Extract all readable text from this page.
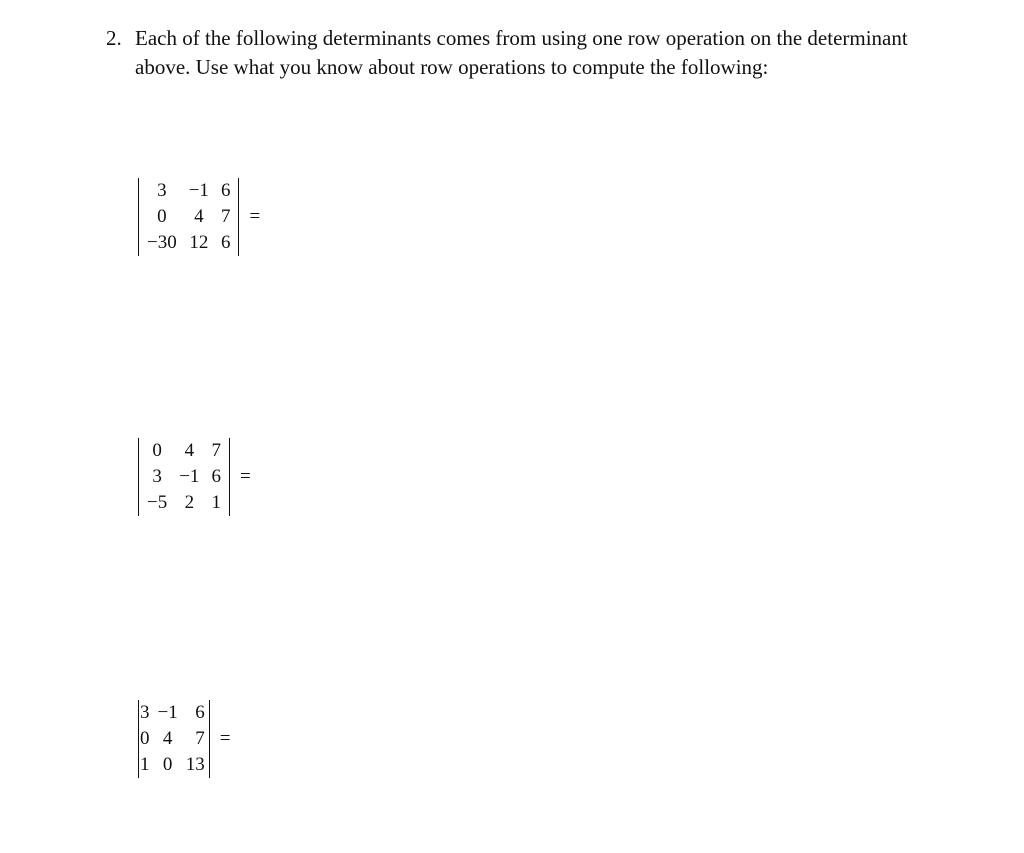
2. Each of the following determinants comes from using one row operation on the determinant above. Use what you know about row operations to compute the following:
3	−1	6
0	4	7
−30	12	6
=
0	4	7
3	−1	6
−5	2	1
=
3	−1	6
0	4	7
1	0	13
=
